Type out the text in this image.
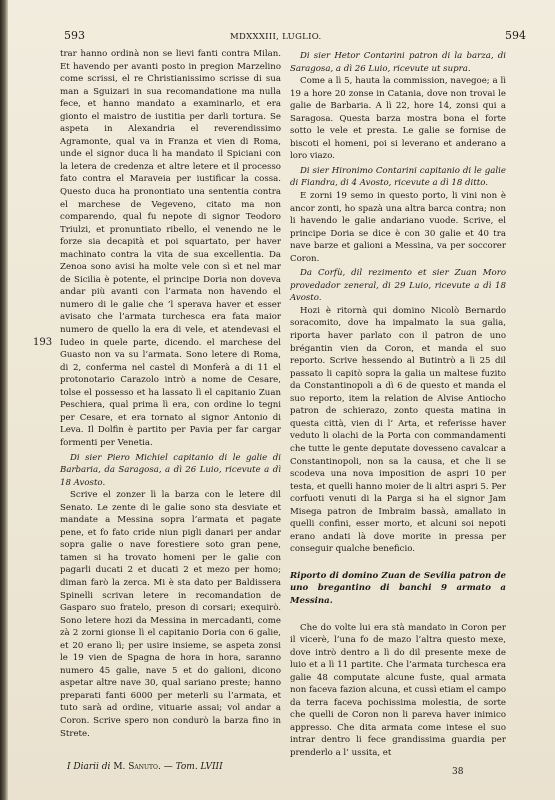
593	MDXXXIII, LUGLIO.	594
193

trar hanno ordinà non se lievi fanti contra Milan. Et havendo per avanti posto in pregion Marzelino come scrissi, el re Christianissimo scrisse di sua man a Sguizari in sua recomandatione ma nulla fece, et hanno mandato a examinarlo, et era gionto el maistro de iustitia per darli tortura. Se aspeta in Alexandria el reverendissimo Agramonte, qual va in Franza et vien di Roma, unde el signor duca li ha mandato il Spiciani con la letera de credenza et altre letere et il processo fato contra el Maraveia per iustificar la cossa. Questo duca ha pronontiato una sententia contra el marchese de Vegeveno, citato ma non comparendo, qual fu nepote di signor Teodoro Triulzi, et pronuntiato ribello, el venendo ne le forze sia decapità et poi squartato, per haver machinato contra la vita de sua excellentia. Da Zenoa sono avisi ha molte vele con sì et nel mar de Sicilia è potente, el principe Doria non doveva andar più avanti con l’armata non havendo el numero di le galie che ’l sperava haver et esser avisato che l’armata turchesca era fata maior numero de quello la era di vele, et atendevasi el Iudeo in quele parte, dicendo. el marchese del Guasto non va su l’armata. Sono letere di Roma, di 2, conferma nel castel di Monferà a di 11 el protonotario Carazolo intrò a nome de Cesare, tolse el possesso et ha lassato lì el capitanio Zuan Peschiera, qual prima lì era, con ordine lo tegni per Cesare, et era tornato al signor Antonio di Leva. Il Dolfin è partito per Pavia per far cargar formenti per Venetia.

Di sier Piero Michiel capitanio di le galie di Barbaria, da Saragosa, a dì 26 Luio, ricevute a dì 18 Avosto.

Scrive el zonzer lì la barza con le letere dil Senato. Le zente di le galie sono sta desviate et mandate a Messina sopra l’armata et pagate pene, et fo fato cride niun pigli danari per andar sopra galie o nave forestiere soto gran pene, tamen si ha trovato homeni per le galie con pagarli ducati 2 et ducati 2 et mezo per homo; diman farò la zerca. Mi è sta dato per Baldissera Spinelli scrivan letere in recomandation de Gasparo suo fratelo, preson di corsari; exequirò. Sono letere hozi da Messina in mercadanti, come zà 2 zorni gionse lì el capitanio Doria con 6 galie, et 20 erano lì; per usire insieme, se aspeta zonsi le 19 vien de Spagna de hora in hora, saranno numero 45 galie, nave 5 et do galioni, dicono aspetar altre nave 30, qual sariano preste; hanno preparati fanti 6000 per meterli su l’armata, et tuto sarà ad ordine, vituarie assai; vol andar a Coron. Scrive spero non condurò la barza fino in Strete.

Di sier Hetor Contarini patron di la barza, di Saragosa, a dì 26 Luio, ricevute ut supra.

Come a lì 5, hauta la commission, navegoe; a lì 19 a hore 20 zonse in Catania, dove non trovai le galie de Barbaria. A lì 22, hore 14, zonsi qui a Saragosa. Questa barza mostra bona el forte sotto le vele et presta. Le galie se fornise de biscoti el homeni, poi si leverano et anderano a loro viazo.

Di sier Hironimo Contarini capitanio di le galie di Fiandra, di 4 Avosto, ricevute a dì 18 ditto.

E zorni 19 semo in questo porto, li vini non è ancor zonti, ho spazà una altra barca contra; non li havendo le galie andariano vuode. Scrive, el principe Doria se dice è con 30 galie et 40 tra nave barze et galioni a Messina, va per soccorer Coron.

Da Corfù, dil rezimento et sier Zuan Moro provedador zeneral, di 29 Luio, ricevute a dì 18 Avosto.

Hozi è ritornà qui domino Nicolò Bernardo soracomito, dove ha impalmato la sua galia, riporta haver parlato con il patron de uno brégantin vien da Coron, et manda el suo reporto. Scrive hessendo al Butintrò a lì 25 dil passato li capitò sopra la galia un maltese fuzito da Constantinopoli a dì 6 de questo et manda el suo reporto, item la relation de Alvise Antiocho patron de schierazo, zonto questa matina in questa città, vien di l’ Arta, et referisse haver veduto li olachi de la Porta con commandamenti che tutte le gente deputate dovesseno cavalcar a Constantinopoli, non sa la causa, et che li se scodeva una nova imposition de aspri 10 per testa, et quelli hanno moier de li altri aspri 5. Per corfuoti venuti di la Parga si ha el signor Jam Misega patron de Imbraim bassà, amallato in quelli confini, esser morto, et alcuni soi nepoti erano andati là dove morite in pressa per conseguir qualche beneficio.

Riporto di domino Zuan de Sevilia patron de uno bregantino di banchi 9 armato a Messina.

Che do volte lui era stà mandato in Coron per il vicerè, l’una fo de mazo l’altra questo mexe, dove intrò dentro a lì do dil presente mexe de luio et a lì 11 partite. Che l’armata turchesca era galie 48 computate alcune fuste, qual armata non faceva fazion alcuna, et cussì etiam el campo da terra faceva pochissima molestia, de sorte che quelli de Coron non li pareva haver inimico appresso. Che dita armata come intese el suo intrar dentro li fece grandissima guardia per prenderlo a l’ ussita, et

I Diarii di M. Sanuto. — Tom. LVIII	38
